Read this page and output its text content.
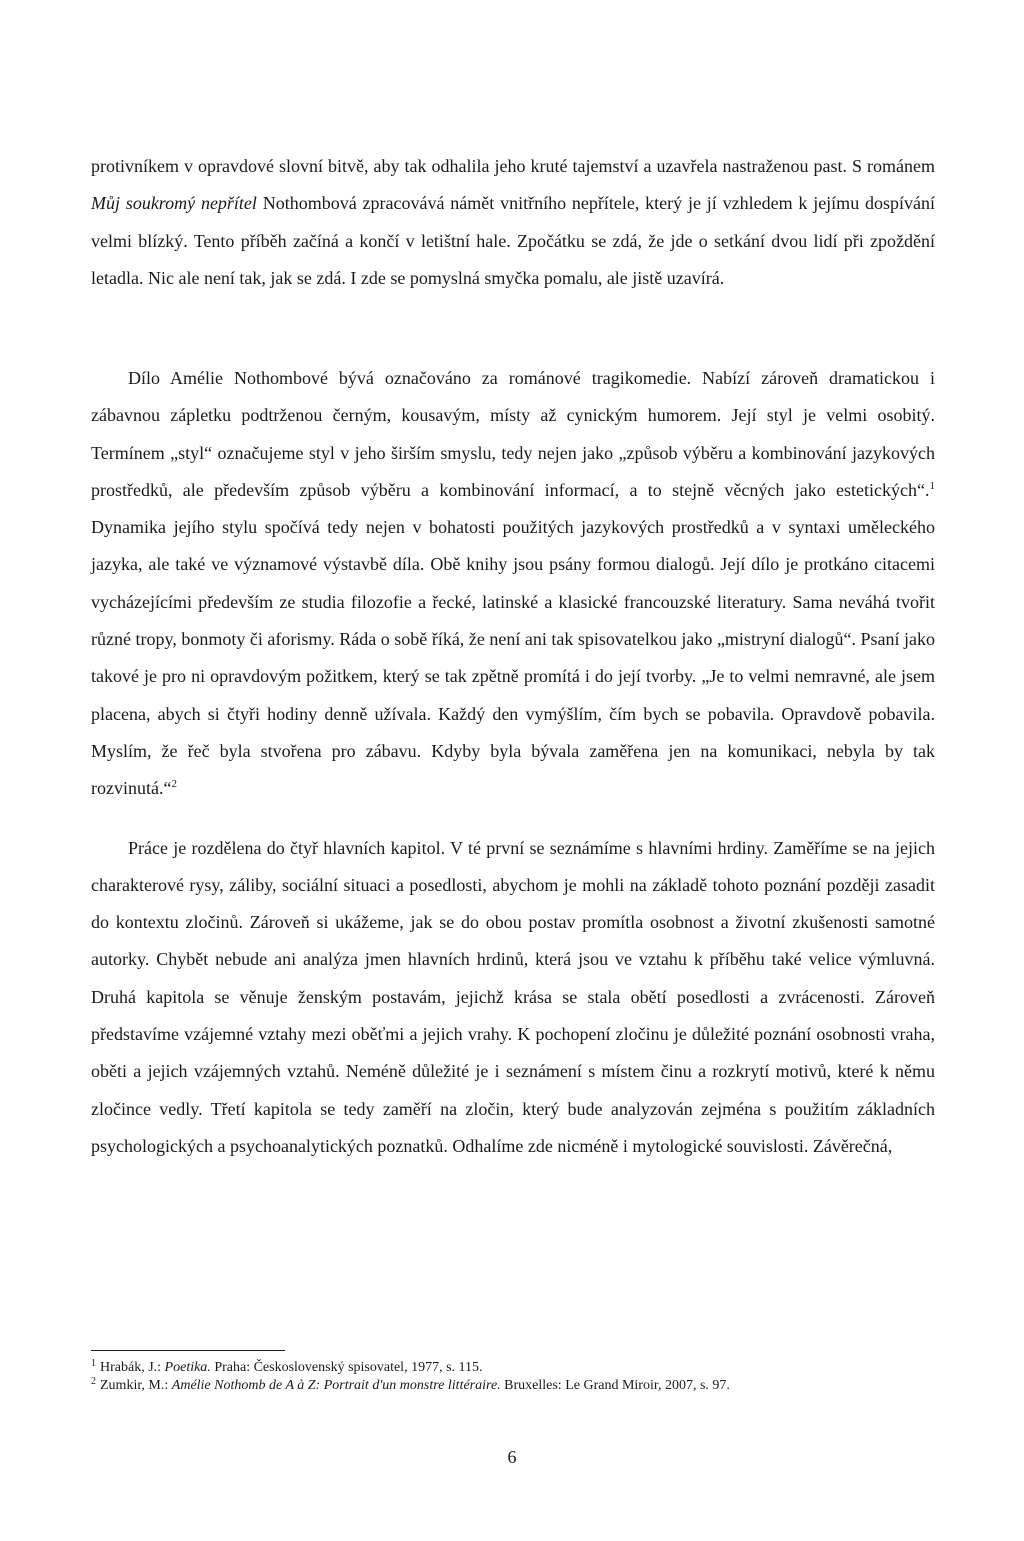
protivníkem v opravdové slovní bitvě, aby tak odhalila jeho kruté tajemství a uzavřela nastraženou past. S románem Můj soukromý nepřítel Nothombová zpracovává námět vnitřního nepřítele, který je jí vzhledem k jejímu dospívání velmi blízký. Tento příběh začíná a končí v letištní hale. Zpočátku se zdá, že jde o setkání dvou lidí při zpoždění letadla. Nic ale není tak, jak se zdá. I zde se pomyslná smyčka pomalu, ale jistě uzavírá.

Dílo Amélie Nothombové bývá označováno za románové tragikomedie. Nabízí zároveň dramatickou i zábavnou zápletku podtrženou černým, kousavým, místy až cynickým humorem. Její styl je velmi osobitý. Termínem „styl“ označujeme styl v jeho širším smyslu, tedy nejen jako „způsob výběru a kombinování jazykových prostředků, ale především způsob výběru a kombinování informací, a to stejně věcných jako estetických“.$^1$ Dynamika jejího stylu spočívá tedy nejen v bohatosti použitých jazykových prostředků a v syntaxi uměleckého jazyka, ale také ve významové výstavbě díla. Obě knihy jsou psány formou dialogů. Její dílo je protkáno citacemi vycházejícími především ze studia filozofie a řecké, latinské a klasické francouzské literatury. Sama neváhá tvořit různé tropy, bonmoty či aforismy. Ráda o sobě říká, že není ani tak spisovatelkou jako „mistryní dialogů“. Psaní jako takové je pro ni opravdovým požitkem, který se tak zpětně promítá i do její tvorby. „Je to velmi nemravné, ale jsem placena, abych si čtyři hodiny denně užívala. Každý den vymýšlím, čím bych se pobavila. Opravdově pobavila. Myslím, že řeč byla stvořena pro zábavu. Kdyby byla bývala zaměřena jen na komunikaci, nebyla by tak rozvinutá.“$^2$

Práce je rozdělena do čtyř hlavních kapitol. V té první se seznámíme s hlavními hrdiny. Zaměříme se na jejich charakterové rysy, záliby, sociální situaci a posedlosti, abychom je mohli na základě tohoto poznání později zasadit do kontextu zločinů. Zároveň si ukážeme, jak se do obou postav promítla osobnost a životní zkušenosti samotné autorky. Chybět nebude ani analýza jmen hlavních hrdinů, která jsou ve vztahu k příběhu také velice výmluvná. Druhá kapitola se věnuje ženským postavám, jejichž krása se stala obětí posedlosti a zvrácenosti. Zároveň představíme vzájemné vztahy mezi oběťmi a jejich vrahy. K pochopení zločinu je důležité poznání osobnosti vraha, oběti a jejich vzájemných vztahů. Neméně důležité je i seznámení s místem činu a rozkrytí motivů, které k němu zločince vedly. Třetí kapitola se tedy zaměří na zločin, který bude analyzován zejména s použitím základních psychologických a psychoanalytických poznatků. Odhalíme zde nicméně i mytologické souvislosti. Závěrečná,

$^1$ Hrabák, J.: Poetika. Praha: Československý spisovatel, 1977, s. 115.

$^2$ Zumkir, M.: Amélie Nothomb de A à Z: Portrait d'un monstre littéraire. Bruxelles: Le Grand Miroir, 2007, s. 97.

6
